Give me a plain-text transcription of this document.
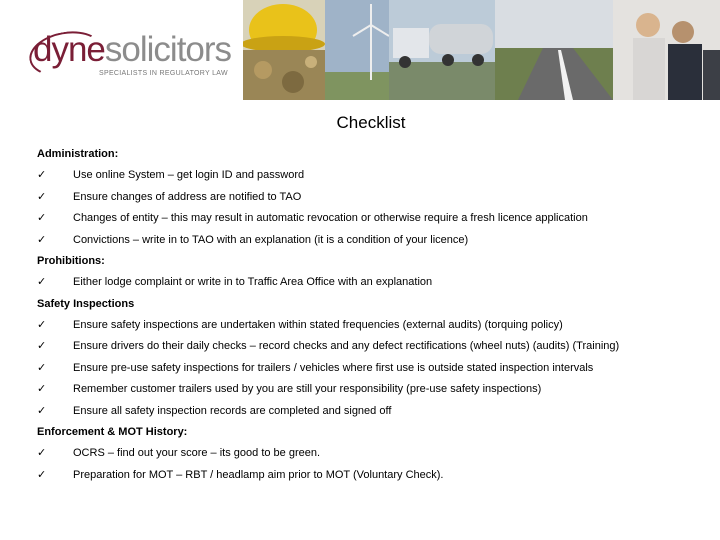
dynesolicitors
SPECIALISTS IN REGULATORY LAW
Checklist
Administration:
✓ Use online System – get login ID and password
✓ Ensure changes of address are notified to TAO
✓ Changes of entity – this may result in automatic revocation or otherwise require a fresh licence application
✓ Convictions – write in to TAO with an explanation (it is a condition of your licence)
Prohibitions:
✓ Either lodge complaint or write in to Traffic Area Office with an explanation
Safety Inspections
✓ Ensure safety inspections are undertaken within stated frequencies (external audits) (torquing policy)
✓ Ensure drivers do their daily checks – record checks and any defect rectifications (wheel nuts) (audits) (Training)
✓ Ensure pre-use safety inspections for trailers / vehicles where first use is outside stated inspection intervals
✓ Remember customer trailers used by you are still your responsibility (pre-use safety inspections)
✓ Ensure all safety inspection records are completed and signed off
Enforcement & MOT History:
✓ OCRS – find out your score – its good to be green.
✓ Preparation for MOT – RBT / headlamp aim prior to MOT (Voluntary Check).
